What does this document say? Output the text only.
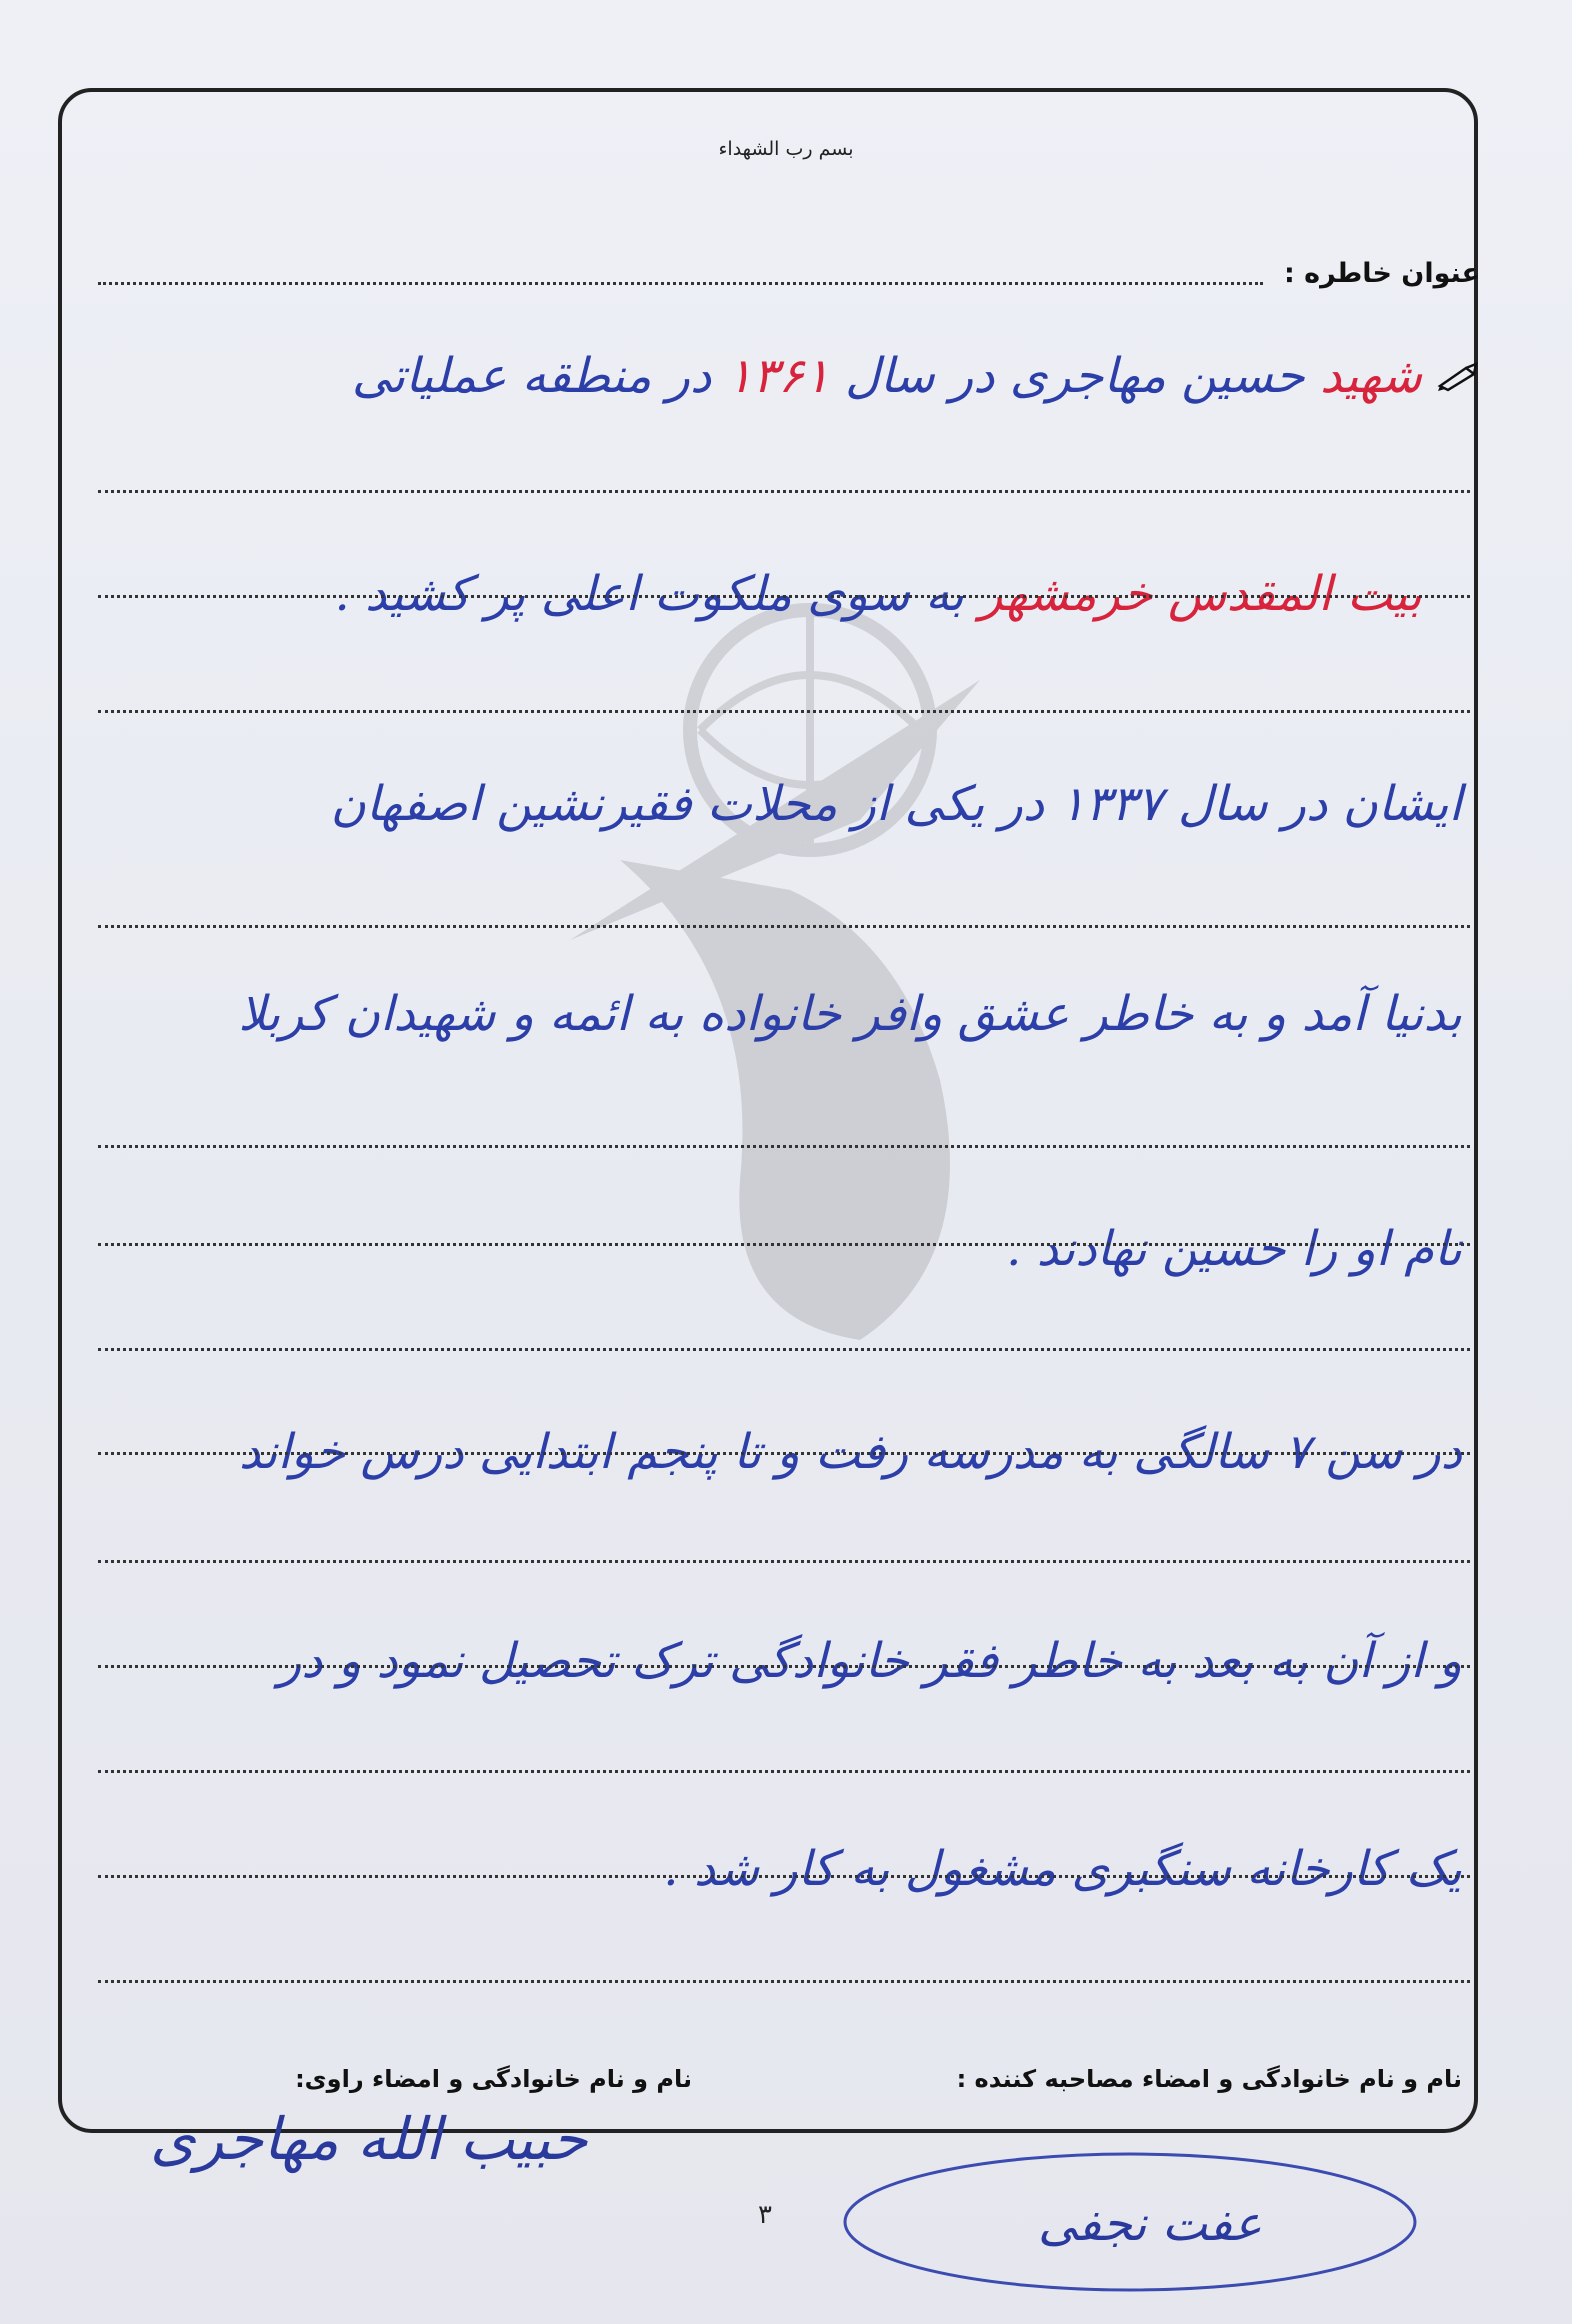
بسم رب الشهداء
عنوان خاطره :
شهید حسین مهاجری در سال ۱۳۶۱ در منطقه عملیاتی
بیت المقدس خرمشهر به سوی ملکوت اعلی پر کشید .
ایشان در سال ۱۳۳۷ در یکی از محلات فقیرنشین اصفهان
بدنیا آمد و به خاطر عشق وافر خانواده به ائمه و شهیدان کربلا
نام او را حسین نهادند .
در سن ۷ سالگی به مدرسه رفت و تا پنجم ابتدایی درس خواند
و از آن به بعد به خاطر فقر خانوادگی ترک تحصیل نمود و در
یک کارخانه سنگبری مشغول به کار شد .
نام و نام خانوادگی و امضاء مصاحبه کننده :
نام و نام خانوادگی و امضاء راوی:
حبیب الله مهاجری
۳	عفت نجفی
